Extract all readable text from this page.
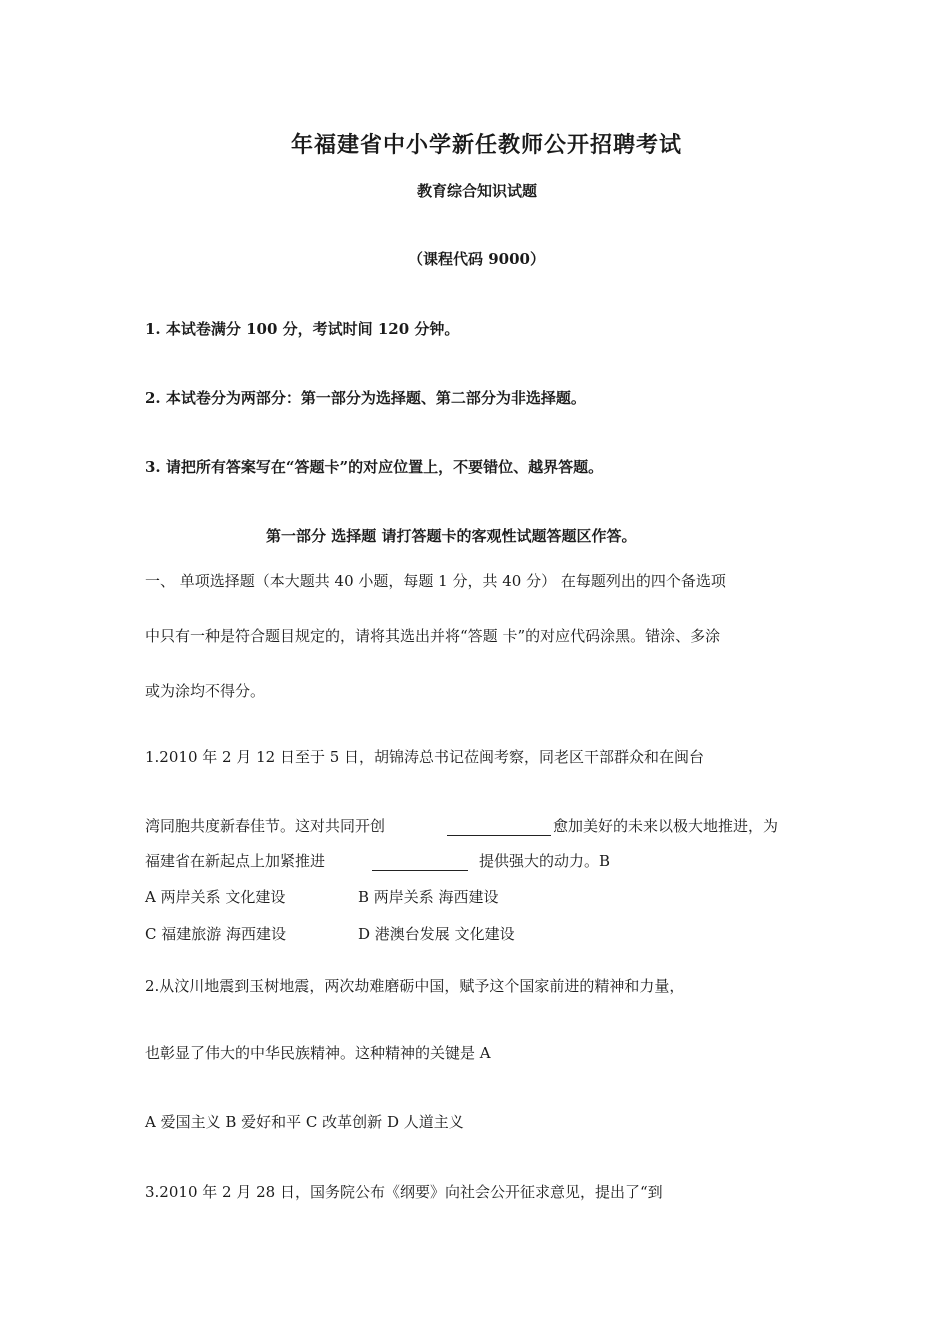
年福建省中小学新任教师公开招聘考试
教育综合知识试题
（课程代码 9000）
1. 本试卷满分 100 分，考试时间 120 分钟。
2. 本试卷分为两部分：第一部分为选择题、第二部分为非选择题。
3. 请把所有答案写在“答题卡”的对应位置上，不要错位、越界答题。
第一部分 选择题 请打答题卡的客观性试题答题区作答。
一、 单项选择题（本大题共 40 小题，每题 1 分，共 40 分） 在每题列出的四个备选项
中只有一种是符合题目规定的，请将其选出并将“答题 卡”的对应代码涂黑。错涂、多涂
或为涂均不得分。
1.2010 年 2 月 12 日至于 5 日，胡锦涛总书记莅闽考察，同老区干部群众和在闽台
湾同胞共度新春佳节。这对共同开创	愈加美好的未来以极大地推进，为
福建省在新起点上加紧推进	提供强大的动力。B
A 两岸关系 文化建设	B 两岸关系 海西建设
C 福建旅游 海西建设	D 港澳台发展 文化建设
2.从汶川地震到玉树地震，两次劫难磨砺中国，赋予这个国家前进的精神和力量，
也彰显了伟大的中华民族精神。这种精神的关键是 A
A 爱国主义 B 爱好和平 C 改革创新 D 人道主义
3.2010 年 2 月 28 日，国务院公布《纲要》向社会公开征求意见，提出了“到
